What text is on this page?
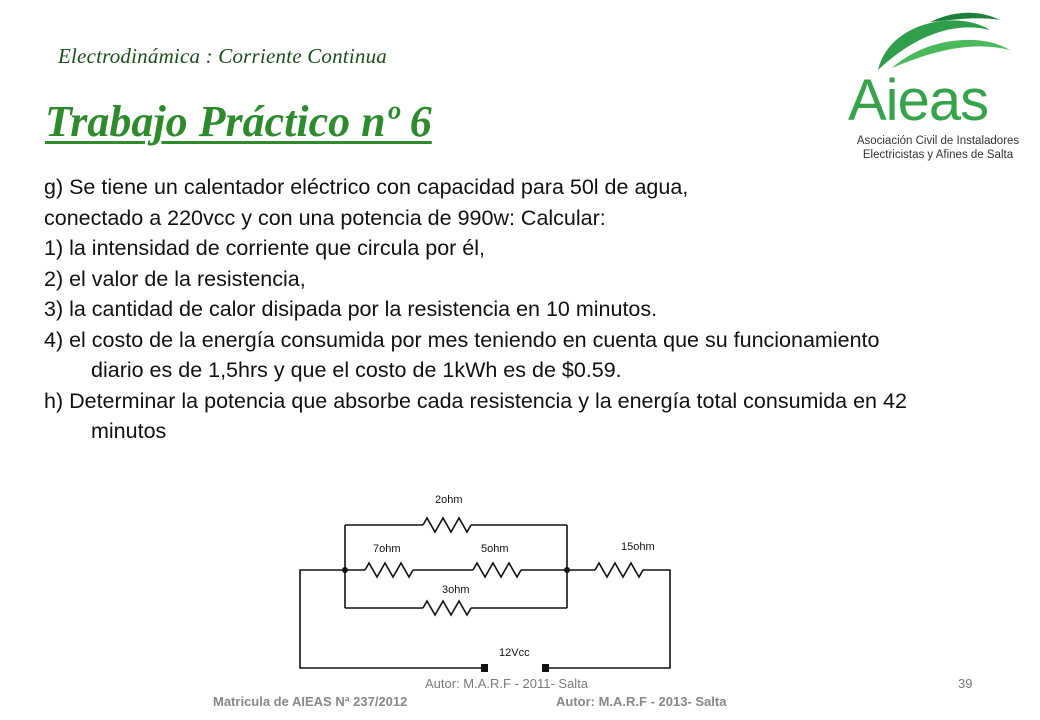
Electrodinámica : Corriente Continua
Trabajo Práctico nº 6	Aieas
Asociación Civil de Instaladores
Electricistas y Afines de Salta
g) Se tiene un calentador eléctrico con capacidad para 50l de agua,
conectado a 220vcc y con una potencia de 990w: Calcular:
1) la intensidad de corriente que circula por él,
2) el valor de la resistencia,
3) la cantidad de calor disipada por la resistencia en 10 minutos.
4) el costo de la energía consumida por mes teniendo en cuenta que su funcionamiento diario es de 1,5hrs y que el costo de 1kWh es de $0.59.
h) Determinar la potencia que absorbe cada resistencia y la energía total consumida en 42 minutos
2ohm
7ohm	5ohm
3ohm
15ohm
12Vcc
Autor: M.A.R.F - 2011- Salta	39
Matricula de AIEAS Nª 237/2012	Autor: M.A.R.F - 2013- Salta
